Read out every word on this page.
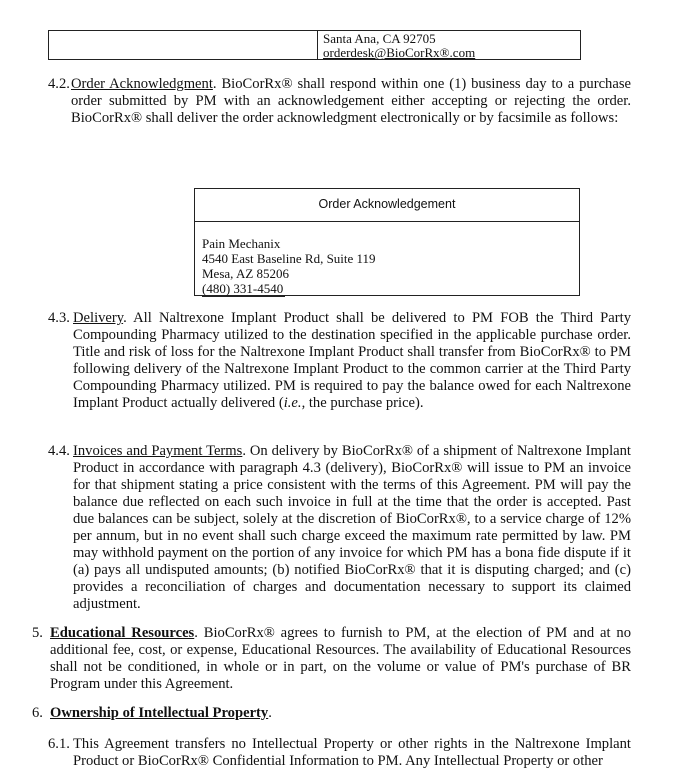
Santa Ana, CA 92705
orderdesk@BioCorRx®.com
4.2. Order Acknowledgment. BioCorRx® shall respond within one (1) business day to a purchase order submitted by PM with an acknowledgement either accepting or rejecting the order. BioCorRx® shall deliver the order acknowledgment electronically or by facsimile as follows:
Order Acknowledgement
Pain Mechanix
4540 East Baseline Rd, Suite 119
Mesa, AZ 85206
(480) 331-4540
4.3. Delivery. All Naltrexone Implant Product shall be delivered to PM FOB the Third Party Compounding Pharmacy utilized to the destination specified in the applicable purchase order. Title and risk of loss for the Naltrexone Implant Product shall transfer from BioCorRx® to PM following delivery of the Naltrexone Implant Product to the common carrier at the Third Party Compounding Pharmacy utilized. PM is required to pay the balance owed for each Naltrexone Implant Product actually delivered (i.e., the purchase price).
4.4. Invoices and Payment Terms. On delivery by BioCorRx® of a shipment of Naltrexone Implant Product in accordance with paragraph 4.3 (delivery), BioCorRx® will issue to PM an invoice for that shipment stating a price consistent with the terms of this Agreement. PM will pay the balance due reflected on each such invoice in full at the time that the order is accepted. Past due balances can be subject, solely at the discretion of BioCorRx®, to a service charge of 12% per annum, but in no event shall such charge exceed the maximum rate permitted by law. PM may withhold payment on the portion of any invoice for which PM has a bona fide dispute if it (a) pays all undisputed amounts; (b) notified BioCorRx® that it is disputing charged; and (c) provides a reconciliation of charges and documentation necessary to support its claimed adjustment.
5. Educational Resources. BioCorRx® agrees to furnish to PM, at the election of PM and at no additional fee, cost, or expense, Educational Resources. The availability of Educational Resources shall not be conditioned, in whole or in part, on the volume or value of PM's purchase of BR Program under this Agreement.
6. Ownership of Intellectual Property.
6.1. This Agreement transfers no Intellectual Property or other rights in the Naltrexone Implant Product or BioCorRx® Confidential Information to PM. Any Intellectual Property or other
